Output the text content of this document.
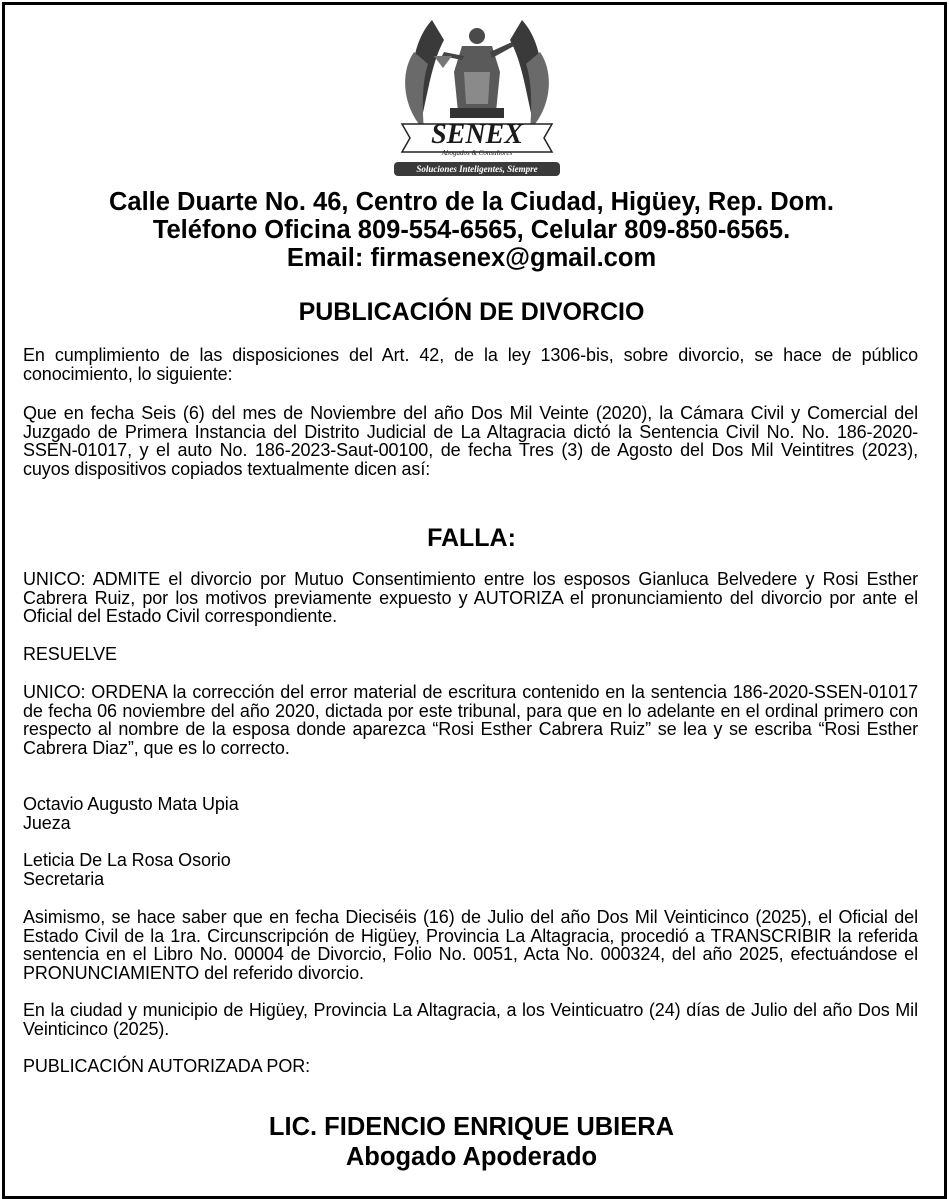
SENEX
Abogados & Consultores
Soluciones Inteligentes, Siempre
Calle Duarte No. 46, Centro de la Ciudad, Higüey, Rep. Dom.
Teléfono Oficina 809-554-6565, Celular 809-850-6565.
Email: firmasenex@gmail.com
PUBLICACIÓN DE DIVORCIO
En cumplimiento de las disposiciones del Art. 42, de la ley 1306-bis, sobre divorcio, se hace de público conocimiento, lo siguiente:
Que en fecha Seis (6) del mes de Noviembre del año Dos Mil Veinte (2020), la Cámara Civil y Comercial del Juzgado de Primera Instancia del Distrito Judicial de La Altagracia dictó la Sentencia Civil No. No. 186-2020-SSEN-01017, y el auto No. 186-2023-Saut-00100, de fecha Tres (3) de Agosto del Dos Mil Veintitres (2023), cuyos dispositivos copiados textualmente dicen así:
FALLA:
UNICO: ADMITE el divorcio por Mutuo Consentimiento entre los esposos Gianluca Belvedere y Rosi Esther Cabrera Ruiz, por los motivos previamente expuesto y AUTORIZA el pronunciamiento del divorcio por ante el Oficial del Estado Civil correspondiente.
RESUELVE
UNICO: ORDENA la corrección del error material de escritura contenido en la sentencia 186-2020-SSEN-01017 de fecha 06 noviembre del año 2020, dictada por este tribunal, para que en lo adelante en el ordinal primero con respecto al nombre de la esposa donde aparezca “Rosi Esther Cabrera Ruiz” se lea y se escriba “Rosi Esther Cabrera Diaz”, que es lo correcto.
Octavio Augusto Mata Upia
Jueza
Leticia De La Rosa Osorio
Secretaria
Asimismo, se hace saber que en fecha Dieciséis (16) de Julio del año Dos Mil Veinticinco (2025), el Oficial del Estado Civil de la 1ra. Circunscripción de Higüey, Provincia La Altagracia, procedió a TRANSCRIBIR la referida sentencia en el Libro No. 00004 de Divorcio, Folio No. 0051, Acta No. 000324, del año 2025, efectuándose el PRONUNCIAMIENTO del referido divorcio.
En la ciudad y municipio de Higüey, Provincia La Altagracia, a los Veinticuatro (24) días de Julio del año Dos Mil Veinticinco (2025).
PUBLICACIÓN AUTORIZADA POR:
LIC. FIDENCIO ENRIQUE UBIERA
Abogado Apoderado
